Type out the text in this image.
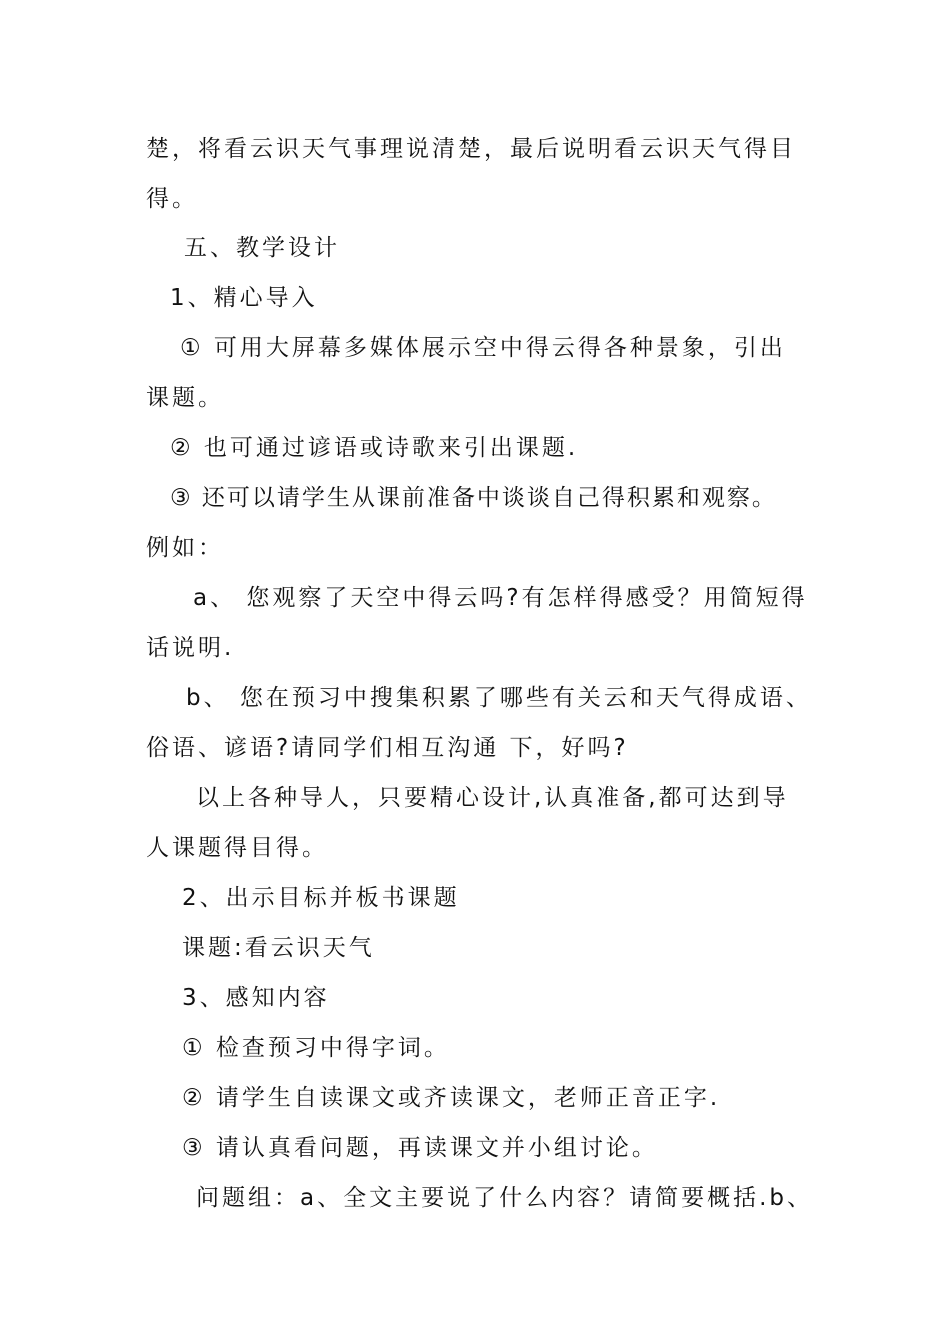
楚，将看云识天气事理说清楚，最后说明看云识天气得目
得。
五、教学设计
1、精心导入
① 可用大屏幕多媒体展示空中得云得各种景象，引出
课题。
② 也可通过谚语或诗歌来引出课题.
③ 还可以请学生从课前准备中谈谈自己得积累和观察。
例如：
a、 您观察了天空中得云吗?有怎样得感受？用简短得
话说明.
b、 您在预习中搜集积累了哪些有关云和天气得成语、
俗语、谚语?请同学们相互沟通 下，好吗?
以上各种导人，只要精心设计,认真准备,都可达到导
人课题得目得。
2、出示目标并板书课题
课题:看云识天气
3、感知内容
① 检查预习中得字词。
② 请学生自读课文或齐读课文，老师正音正字.
③ 请认真看问题，再读课文并小组讨论。
问题组：a、全文主要说了什么内容？请简要概括.b、
